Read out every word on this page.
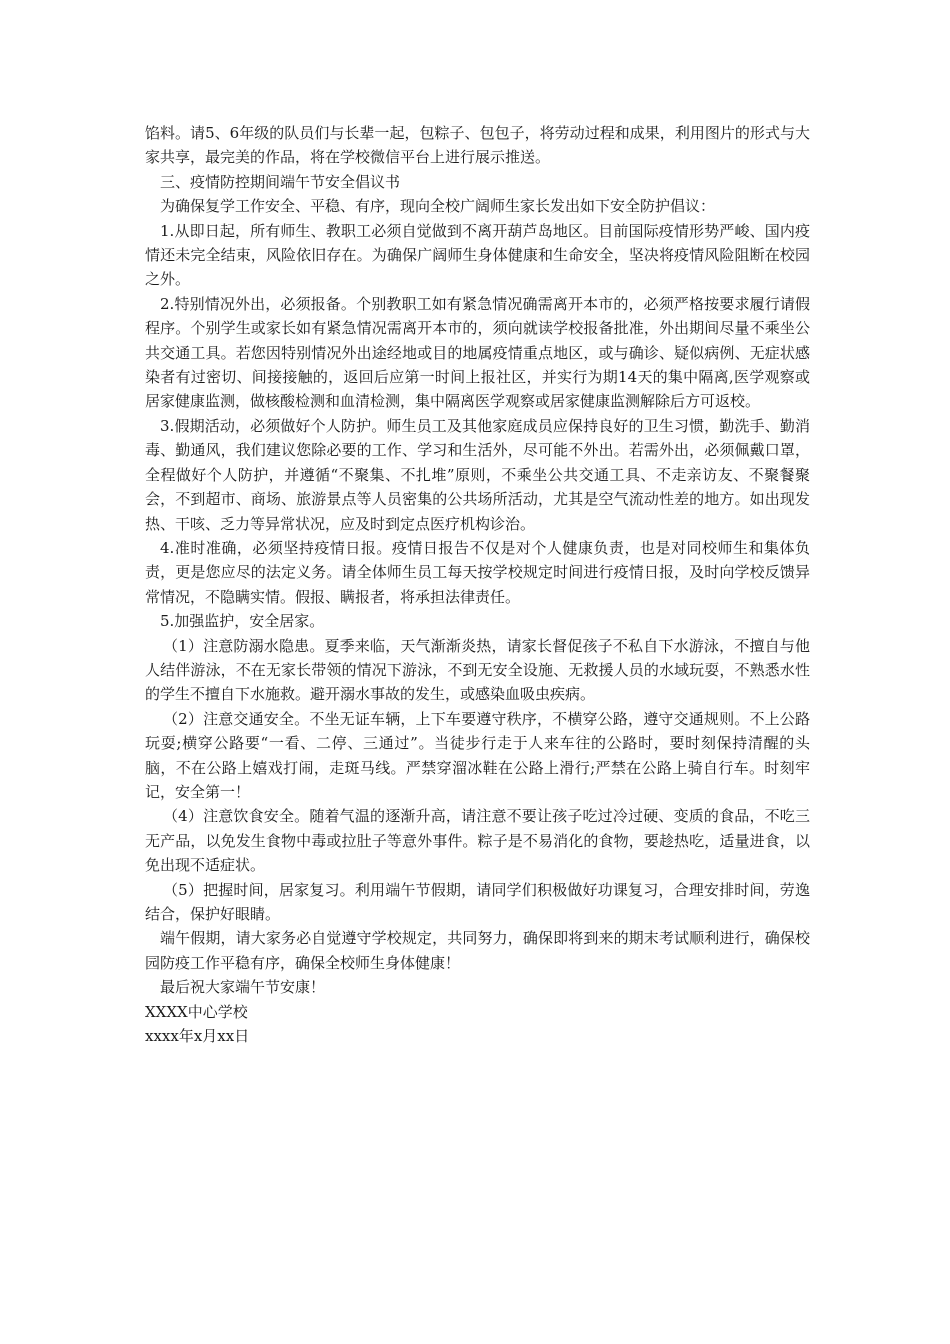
馅料。请5、6年级的队员们与长辈一起，包粽子、包包子，将劳动过程和成果，利用图片的形式与大家共享，最完美的作品，将在学校微信平台上进行展示推送。

三、疫情防控期间端午节安全倡议书

为确保复学工作安全、平稳、有序，现向全校广阔师生家长发出如下安全防护倡议：

1.从即日起，所有师生、教职工必须自觉做到不离开葫芦岛地区。目前国际疫情形势严峻、国内疫情还未完全结束，风险依旧存在。为确保广阔师生身体健康和生命安全，坚决将疫情风险阻断在校园之外。

2.特别情况外出，必须报备。个别教职工如有紧急情况确需离开本市的，必须严格按要求履行请假程序。个别学生或家长如有紧急情况需离开本市的，须向就读学校报备批准，外出期间尽量不乘坐公共交通工具。若您因特别情况外出途经地或目的地属疫情重点地区，或与确诊、疑似病例、无症状感染者有过密切、间接接触的，返回后应第一时间上报社区，并实行为期14天的集中隔离,医学观察或居家健康监测，做核酸检测和血清检测，集中隔离医学观察或居家健康监测解除后方可返校。

3.假期活动，必须做好个人防护。师生员工及其他家庭成员应保持良好的卫生习惯，勤洗手、勤消毒、勤通风，我们建议您除必要的工作、学习和生活外，尽可能不外出。若需外出，必须佩戴口罩，全程做好个人防护，并遵循“不聚集、不扎堆”原则，不乘坐公共交通工具、不走亲访友、不聚餐聚会，不到超市、商场、旅游景点等人员密集的公共场所活动，尤其是空气流动性差的地方。如出现发热、干咳、乏力等异常状况，应及时到定点医疗机构诊治。

4.准时准确，必须坚持疫情日报。疫情日报告不仅是对个人健康负责，也是对同校师生和集体负责，更是您应尽的法定义务。请全体师生员工每天按学校规定时间进行疫情日报，及时向学校反馈异常情况，不隐瞒实情。假报、瞒报者，将承担法律责任。

5.加强监护，安全居家。

（1）注意防溺水隐患。夏季来临，天气渐渐炎热，请家长督促孩子不私自下水游泳，不擅自与他人结伴游泳，不在无家长带领的情况下游泳，不到无安全设施、无救援人员的水域玩耍，不熟悉水性的学生不擅自下水施救。避开溺水事故的发生，或感染血吸虫疾病。

（2）注意交通安全。不坐无证车辆，上下车要遵守秩序，不横穿公路，遵守交通规则。不上公路玩耍;横穿公路要“一看、二停、三通过”。当徒步行走于人来车往的公路时，要时刻保持清醒的头脑，不在公路上嬉戏打闹，走斑马线。严禁穿溜冰鞋在公路上滑行;严禁在公路上骑自行车。时刻牢记，安全第一！

（4）注意饮食安全。随着气温的逐渐升高，请注意不要让孩子吃过冷过硬、变质的食品，不吃三无产品，以免发生食物中毒或拉肚子等意外事件。粽子是不易消化的食物，要趁热吃，适量进食，以免出现不适症状。

（5）把握时间，居家复习。利用端午节假期，请同学们积极做好功课复习，合理安排时间，劳逸结合，保护好眼睛。

端午假期，请大家务必自觉遵守学校规定，共同努力，确保即将到来的期末考试顺利进行，确保校园防疫工作平稳有序，确保全校师生身体健康！

最后祝大家端午节安康！

XXXX中心学校

xxxx年x月xx日
